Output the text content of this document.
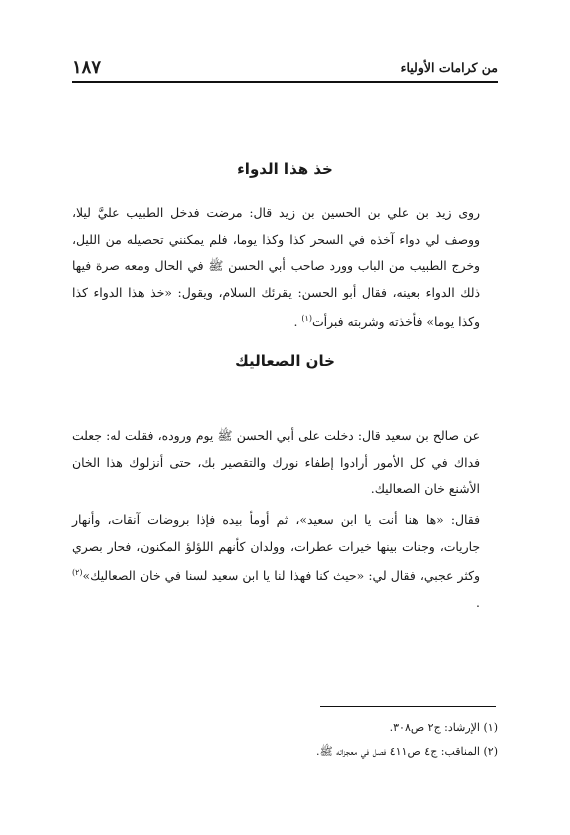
من كرامات الأولياء
١٨٧
خذ هذا الدواء

روى زيد بن علي بن الحسين بن زيد قال: مرضت فدخل الطبيب عليَّ ليلا، ووصف لي دواء آخذه في السحر كذا وكذا يوما، فلم يمكنني تحصيله من الليل، وخرج الطبيب من الباب وورد صاحب أبي الحسن ﷺ في الحال ومعه صرة فيها ذلك الدواء بعينه، فقال أبو الحسن: يقرئك السلام، ويقول: «خذ هذا الدواء كذا وكذا يوما» فأخذته وشربته فبرأت$^{(١)}$ .

خان الصعاليك

عن صالح بن سعيد قال: دخلت على أبي الحسن ﷺ يوم وروده، فقلت له: جعلت فداك في كل الأمور أرادوا إطفاء نورك والتقصير بك، حتى أنزلوك هذا الخان الأشنع خان الصعاليك.

فقال: «ها هنا أنت يا ابن سعيد»، ثم أومأ بيده فإذا بروضات آنقات، وأنهار جاريات، وجنات بينها خيرات عطرات، وولدان كأنهم اللؤلؤ المكنون، فحار بصري وكثر عجبي، فقال لي: «حيث كنا فهذا لنا يا ابن سعيد لسنا في خان الصعاليك»$^{(٢)}$ .

(١) الإرشاد: ج٢ ص٣٠٨.
(٢) المناقب: ج٤ ص٤١١ فصل في معجزاته ﷺ.
